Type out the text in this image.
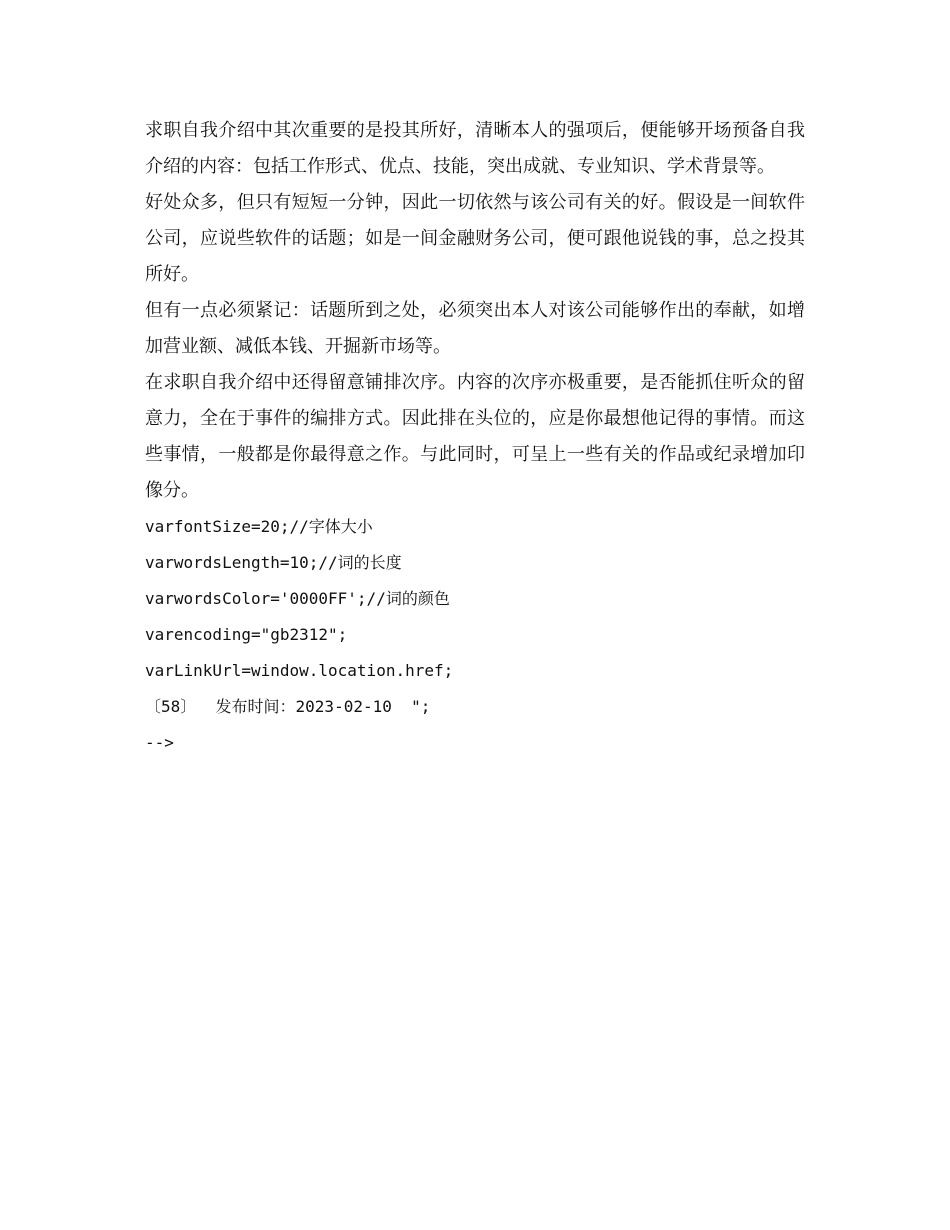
求职自我介绍中其次重要的是投其所好，清晰本人的强项后，便能够开场预备自我介绍的内容：包括工作形式、优点、技能，突出成就、专业知识、学术背景等。

好处众多，但只有短短一分钟，因此一切依然与该公司有关的好。假设是一间软件公司，应说些软件的话题；如是一间金融财务公司，便可跟他说钱的事，总之投其所好。

但有一点必须紧记：话题所到之处，必须突出本人对该公司能够作出的奉献，如增加营业额、减低本钱、开掘新市场等。

在求职自我介绍中还得留意铺排次序。内容的次序亦极重要，是否能抓住听众的留意力，全在于事件的编排方式。因此排在头位的，应是你最想他记得的事情。而这些事情，一般都是你最得意之作。与此同时，可呈上一些有关的作品或纪录增加印像分。

varfontSize=20;//字体大小
varwordsLength=10;//词的长度
varwordsColor='0000FF';//词的颜色
varencoding="gb2312";
varLinkUrl=window.location.href;
〔58〕  发布时间：2023-02-10  ";
-->
